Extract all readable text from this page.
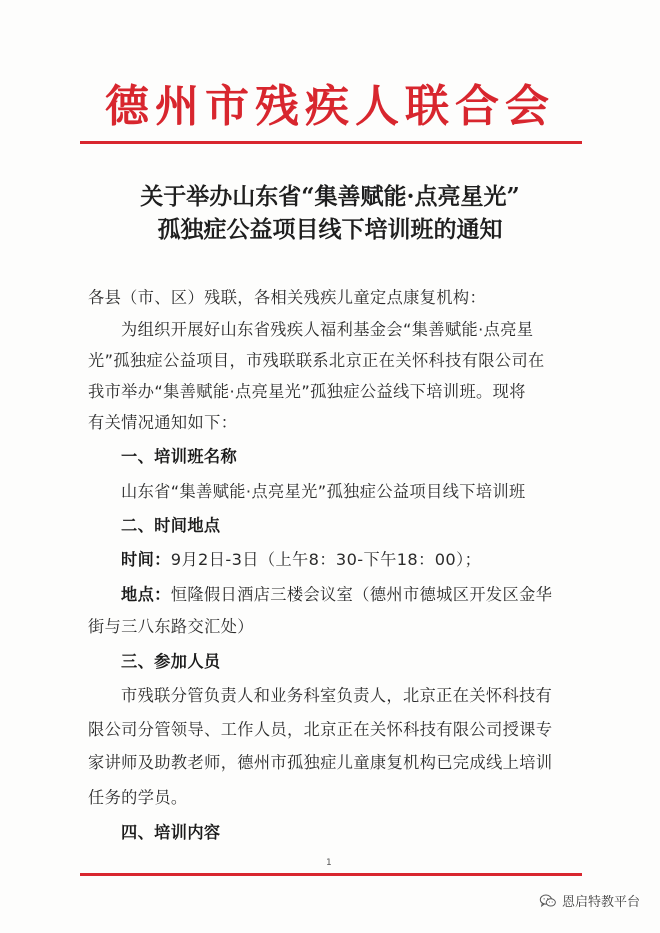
德州市残疾人联合会
关于举办山东省“集善赋能·点亮星光”
孤独症公益项目线下培训班的通知
各县（市、区）残联，各相关残疾儿童定点康复机构：
为组织开展好山东省残疾人福利基金会“集善赋能·点亮星
光”孤独症公益项目，市残联联系北京正在关怀科技有限公司在
我市举办“集善赋能·点亮星光”孤独症公益线下培训班。现将
有关情况通知如下：
一、培训班名称
山东省“集善赋能·点亮星光”孤独症公益项目线下培训班
二、时间地点
时间：9月2日-3日（上午8：30-下午18：00）；
地点：恒隆假日酒店三楼会议室（德州市德城区开发区金华
街与三八东路交汇处）
三、参加人员
市残联分管负责人和业务科室负责人，北京正在关怀科技有
限公司分管领导、工作人员，北京正在关怀科技有限公司授课专
家讲师及助教老师，德州市孤独症儿童康复机构已完成线上培训
任务的学员。
四、培训内容
1
恩启特教平台
